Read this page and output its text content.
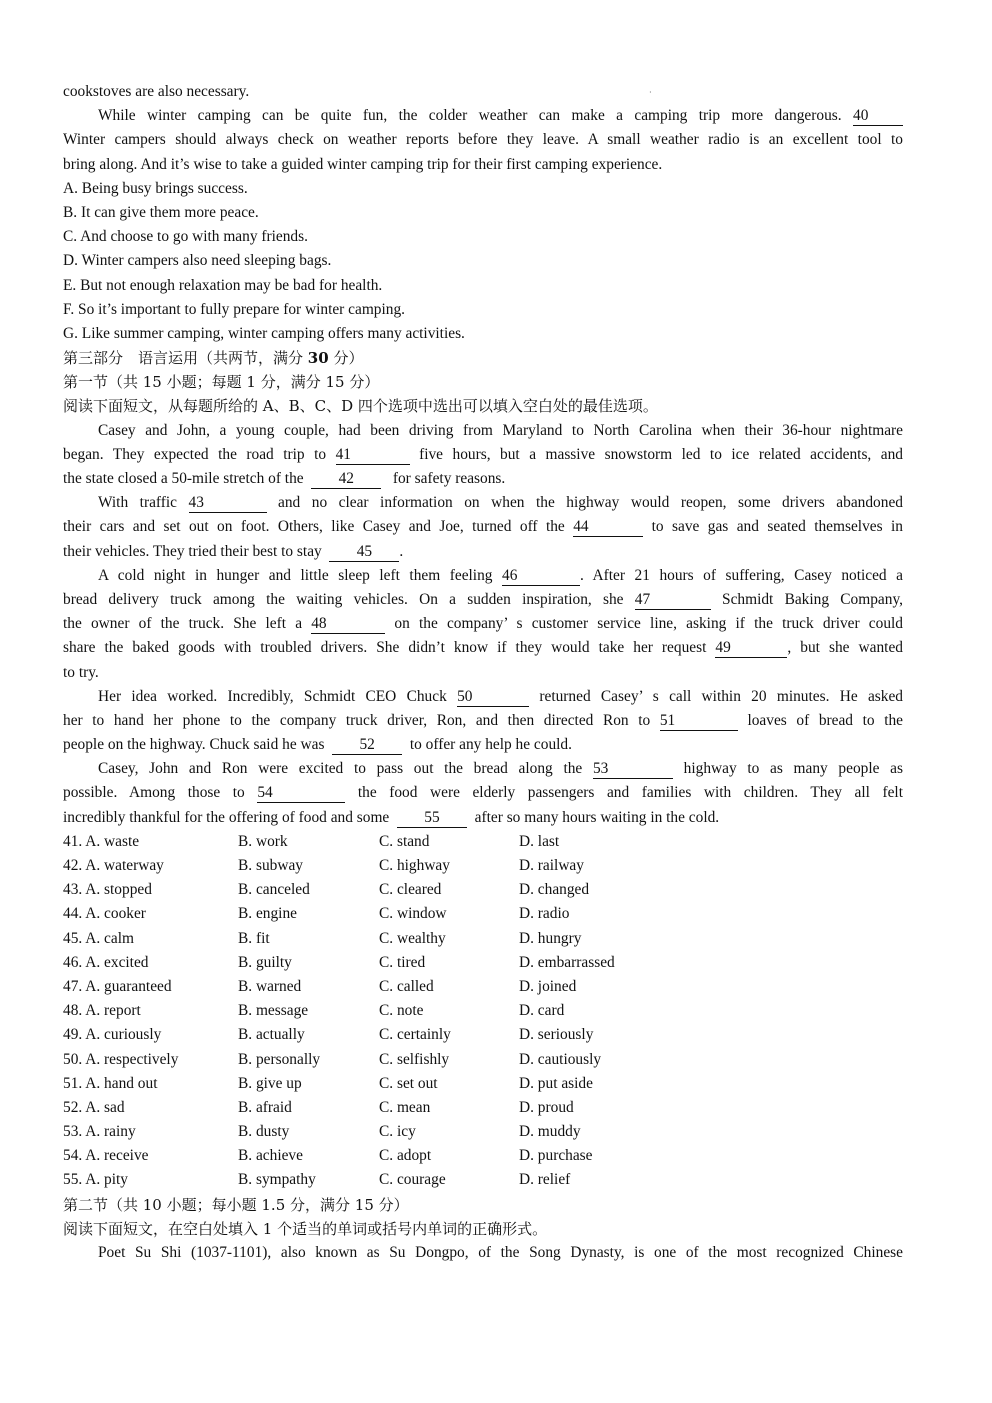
·
cookstoves are also necessary.
While winter camping can be quite fun, the colder weather can make a camping trip more dangerous. 40
Winter campers should always check on weather reports before they leave. A small weather radio is an excellent tool to
bring along. And it’s wise to take a guided winter camping trip for their first camping experience.
A. Being busy brings success.
B. It can give them more peace.
C. And choose to go with many friends.
D. Winter campers also need sleeping bags.
E. But not enough relaxation may be bad for health.
F. So it’s important to fully prepare for winter camping.
G. Like summer camping, winter camping offers many activities.
第三部分　语言运用（共两节，满分 30 分）
第一节（共 15 小题；每题 1 分，满分 15 分）
阅读下面短文，从每题所给的 A、B、C、D 四个选项中选出可以填入空白处的最佳选项。
Casey and John, a young couple, had been driving from Maryland to North Carolina when their 36-hour nightmare
began. They expected the road trip to 41	five hours, but a massive snowstorm led to ice related accidents, and
the state closed a 50-mile stretch of the 42	for safety reasons.
With traffic 43	and no clear information on when the highway would reopen, some drivers abandoned
their cars and set out on foot. Others, like Casey and Joe, turned off the 44	to save gas and seated themselves in
their vehicles. They tried their best to stay 45 .
A cold night in hunger and little sleep left them feeling 46	. After 21 hours of suffering, Casey noticed a
bread delivery truck among the waiting vehicles. On a sudden inspiration, she 47	Schmidt Baking Company,
the owner of the truck. She left a 48	on the company’ s customer service line, asking if the truck driver could
share the baked goods with troubled drivers. She didn’t know if they would take her request 49	, but she wanted
to try.
Her idea worked. Incredibly, Schmidt CEO Chuck 50	returned Casey’ s call within 20 minutes. He asked
her to hand her phone to the company truck driver, Ron, and then directed Ron to 51	loaves of bread to the
people on the highway. Chuck said he was 52 to offer any help he could.
Casey, John and Ron were excited to pass out the bread along the 53	highway to as many people as
possible. Among those to 54	the food were elderly passengers and families with children. They all felt
incredibly thankful for the offering of food and some 55 after so many hours waiting in the cold.
41. A. waste	B. work	C. stand	D. last
42. A. waterway	B. subway	C. highway	D. railway
43. A. stopped	B. canceled	C. cleared	D. changed
44. A. cooker	B. engine	C. window	D. radio
45. A. calm	B. fit	C. wealthy	D. hungry
46. A. excited	B. guilty	C. tired	D. embarrassed
47. A. guaranteed	B. warned	C. called	D. joined
48. A. report	B. message	C. note	D. card
49. A. curiously	B. actually	C. certainly	D. seriously
50. A. respectively	B. personally	C. selfishly	D. cautiously
51. A. hand out	B. give up	C. set out	D. put aside
52. A. sad	B. afraid	C. mean	D. proud
53. A. rainy	B. dusty	C. icy	D. muddy
54. A. receive	B. achieve	C. adopt	D. purchase
55. A. pity	B. sympathy	C. courage	D. relief
第二节（共 10 小题；每小题 1.5 分，满分 15 分）
阅读下面短文，在空白处填入 1 个适当的单词或括号内单词的正确形式。
Poet Su Shi (1037-1101), also known as Su Dongpo, of the Song Dynasty, is one of the most recognized Chinese
